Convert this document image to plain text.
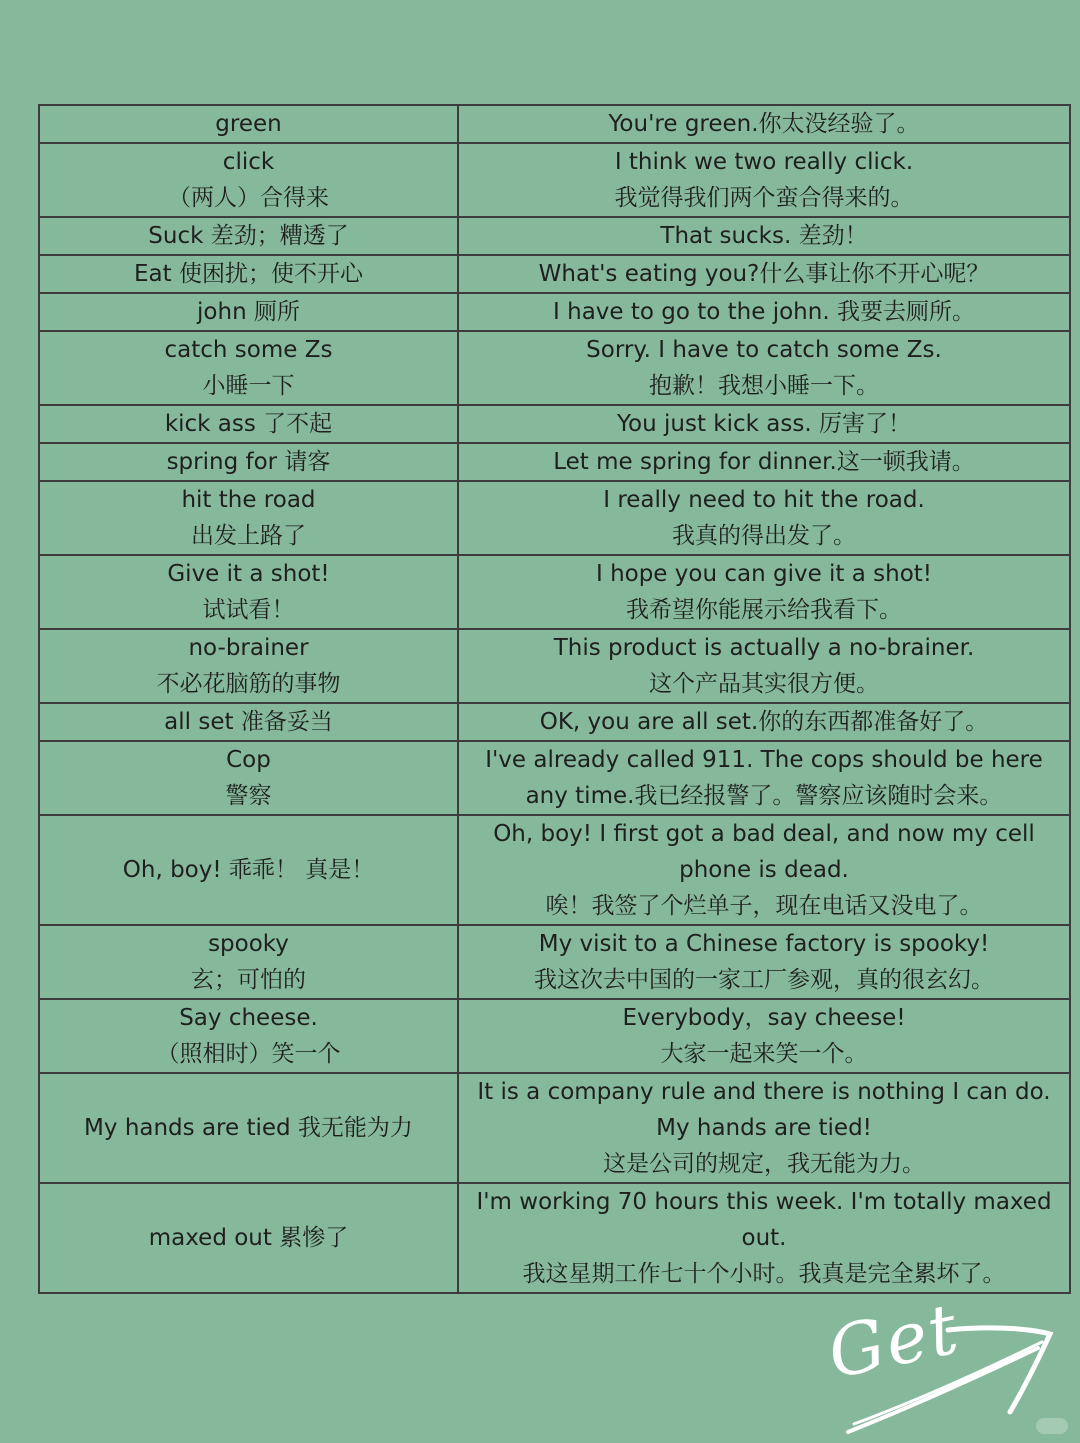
green	You're green.你太没经验了。

click
（两人）合得来	I think we two really click.
我觉得我们两个蛮合得来的。

Suck 差劲；糟透了	That sucks. 差劲！

Eat 使困扰；使不开心	What's eating you?什么事让你不开心呢？

john 厕所	I have to go to the john. 我要去厕所。

catch some Zs
小睡一下	Sorry. I have to catch some Zs.
抱歉！我想小睡一下。

kick ass 了不起	You just kick ass. 厉害了！

spring for 请客	Let me spring for dinner.这一顿我请。

hit the road
出发上路了	I really need to hit the road.
我真的得出发了。

Give it a shot!
试试看！	I hope you can give it a shot!
我希望你能展示给我看下。

no-brainer
不必花脑筋的事物	This product is actually a no-brainer.
这个产品其实很方便。

all set 准备妥当	OK, you are all set.你的东西都准备好了。

Cop
警察	I've already called 911. The cops should be here
any time.我已经报警了。警察应该随时会来。

Oh, boy! 乖乖！ 真是！	Oh, boy! I first got a bad deal, and now my cell
phone is dead.
唉！我签了个烂单子，现在电话又没电了。

spooky
玄；可怕的	My visit to a Chinese factory is spooky!
我这次去中国的一家工厂参观，真的很玄幻。

Say cheese.
（照相时）笑一个	Everybody，say cheese!
大家一起来笑一个。

My hands are tied 我无能为力	It is a company rule and there is nothing I can do.
My hands are tied!
这是公司的规定，我无能为力。

maxed out 累惨了	I'm working 70 hours this week. I'm totally maxed
out.
我这星期工作七十个小时。我真是完全累坏了。
Get
